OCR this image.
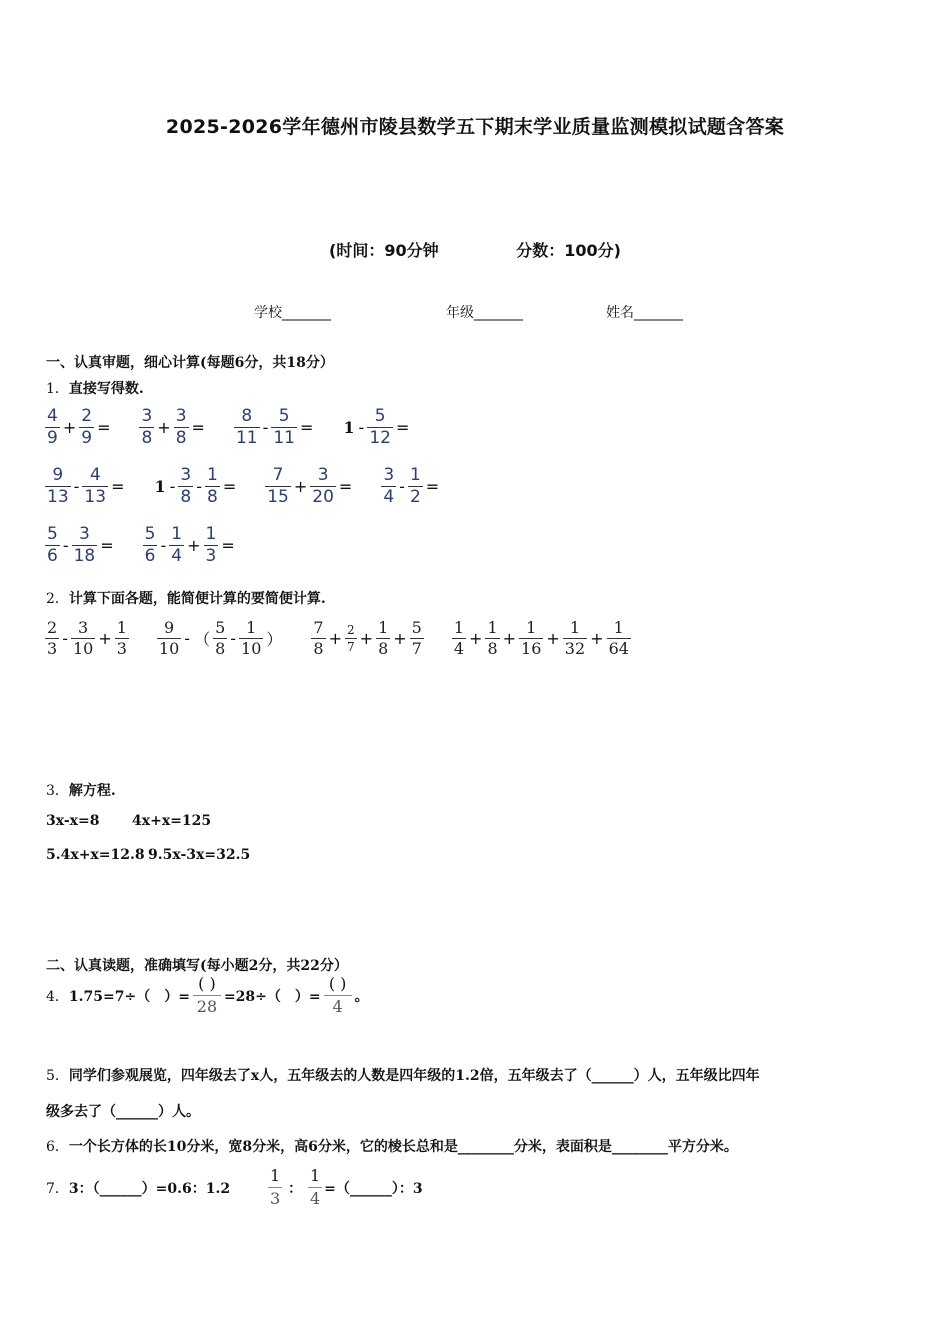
2025-2026学年德州市陵县数学五下期末学业质量监测模拟试题含答案
(时间：90分钟	分数：100分)
学校_______	年级_______	姓名_______
一、认真审题，细心计算(每题6分，共18分）
1．直接写得数.
$\frac{4}{9} + \frac{2}{9} = \frac{3}{8} + \frac{3}{8} = \frac{8}{11} - \frac{5}{11} = 1 - \frac{5}{12}$ =
$\frac{9}{13} - \frac{4}{13} = 1 - \frac{3}{8} - \frac{1}{8} = \frac{7}{15} + \frac{3}{20} = \frac{3}{4} - \frac{1}{2}$ =
$\frac{5}{6} - \frac{3}{18} = \frac{5}{6} - \frac{1}{4} + \frac{1}{3}$ =
2．计算下面各题，能简便计算的要简便计算.
$\frac{2}{3} - \frac{3}{10} + \frac{1}{3} \frac{9}{10}$ - （ $\frac{5}{8} - \frac{1}{10}$ ） $\frac{7}{8} + \frac{2}{7} + \frac{1}{8} + \frac{5}{7} \frac{1}{4} + \frac{1}{8} + \frac{1}{16} + \frac{1}{32} + \frac{1}{64}$
3．解方程.
3x-x=8 4x+x=125
5.4x+x=12.8 9.5x-3x=32.5
二、认真读题，准确填写(每小题2分，共22分）
4． 1.75=7÷（　）=
( )
28
=28÷（　）=
( )
4
。
5．同学们参观展览，四年级去了x人，五年级去的人数是四年级的1.2倍，五年级去了（______）人，五年级比四年
级多去了（______）人。
6．一个长方体的长10分米，宽8分米，高6分米，它的棱长总和是________分米，表面积是________平方分米。
7． 3：（______）=0.6：1.2
1
3
：
1
4
=（______）：3
